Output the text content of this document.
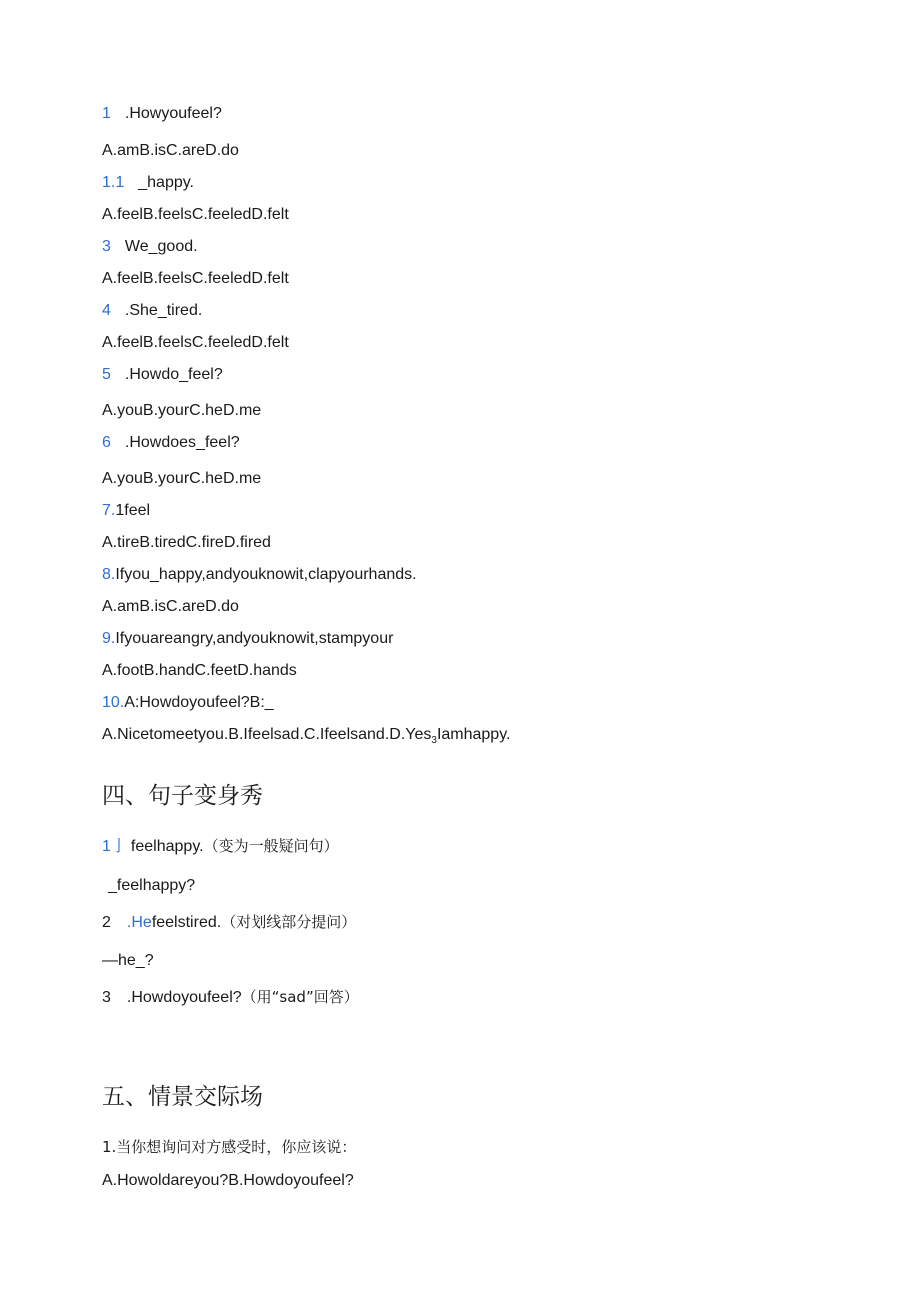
1 .Howyoufeel?
A.amB.isC.areD.do
1.1 _happy.
A.feelB.feelsC.feeledD.felt
3 We_good.
A.feelB.feelsC.feeledD.felt
4 .She_tired.
A.feelB.feelsC.feeledD.felt
5 .Howdo_feel?
A.youB.yourC.heD.me
6 .Howdoes_feel?
A.youB.yourC.heD.me
7.1feel
A.tireB.tiredC.fireD.fired
8.Ifyou_happy,andyouknowit,clapyourhands.
A.amB.isC.areD.do
9.Ifyouareangry,andyouknowit,stampyour
A.footB.handC.feetD.hands
10.A:Howdoyoufeel?B:_
A.Nicetomeetyou.B.Ifeelsad.C.Ifeelsand.D.Yes$_3$Iamhappy.
四、句子变身秀
1亅 feelhappy.（变为一般疑问句）
_feelhappy?
2 .Hefeelstired.（对划线部分提问）
—he_?
3 .Howdoyoufeel?（用“sad”回答）
五、情景交际场
1.当你想询问对方感受时，你应该说：
A.Howoldareyou?B.Howdoyoufeel?
